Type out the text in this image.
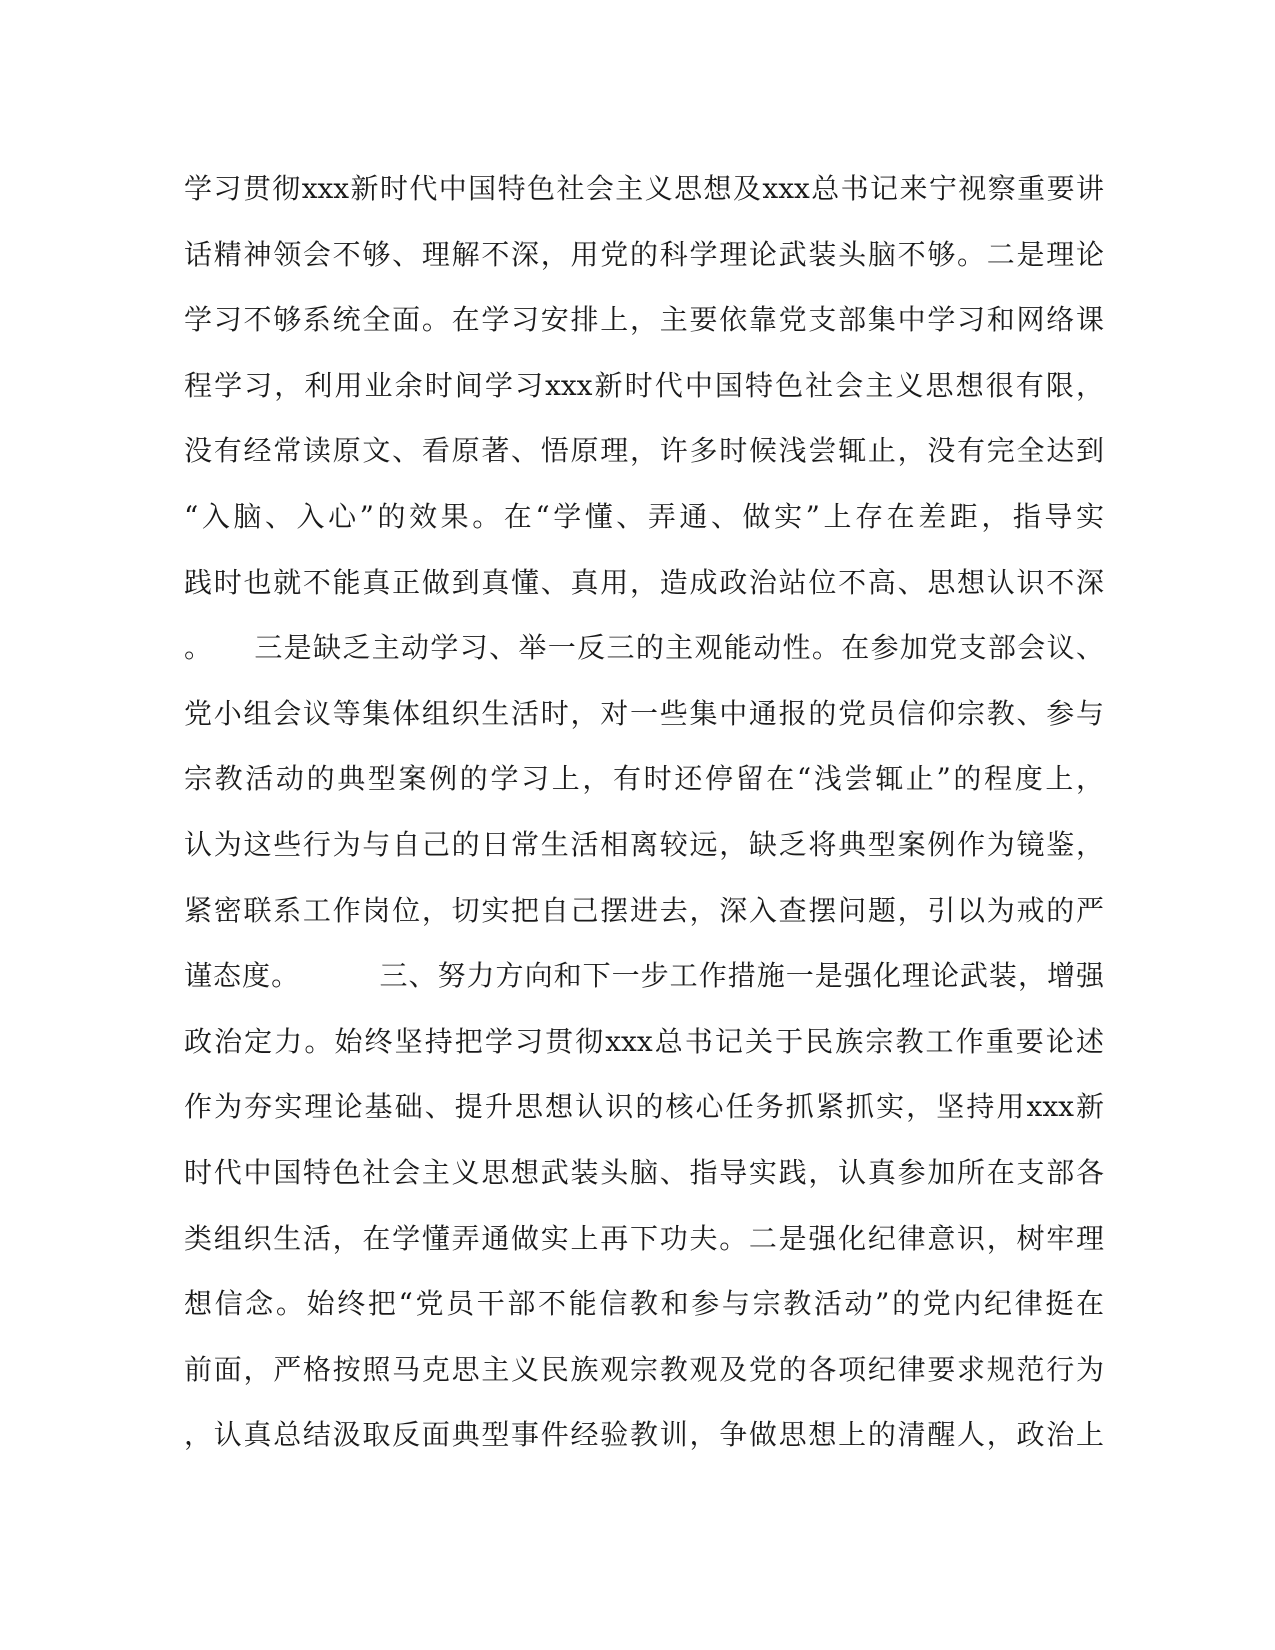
学习贯彻xxx新时代中国特色社会主义思想及xxx总书记来宁视察重要讲
话精神领会不够、理解不深，用党的科学理论武装头脑不够。二是理论
学习不够系统全面。在学习安排上，主要依靠党支部集中学习和网络课
程学习，利用业余时间学习xxx新时代中国特色社会主义思想很有限，
没有经常读原文、看原著、悟原理，许多时候浅尝辄止，没有完全达到
“入脑、入心”的效果。在“学懂、弄通、做实”上存在差距，指导实
践时也就不能真正做到真懂、真用，造成政治站位不高、思想认识不深
。    三是缺乏主动学习、举一反三的主观能动性。在参加党支部会议、
党小组会议等集体组织生活时，对一些集中通报的党员信仰宗教、参与
宗教活动的典型案例的学习上，有时还停留在“浅尝辄止”的程度上，
认为这些行为与自己的日常生活相离较远，缺乏将典型案例作为镜鉴，
紧密联系工作岗位，切实把自己摆进去，深入查摆问题，引以为戒的严
谨态度。        三、努力方向和下一步工作措施一是强化理论武装，增强
政治定力。始终坚持把学习贯彻xxx总书记关于民族宗教工作重要论述
作为夯实理论基础、提升思想认识的核心任务抓紧抓实，坚持用xxx新
时代中国特色社会主义思想武装头脑、指导实践，认真参加所在支部各
类组织生活，在学懂弄通做实上再下功夫。二是强化纪律意识，树牢理
想信念。始终把“党员干部不能信教和参与宗教活动”的党内纪律挺在
前面，严格按照马克思主义民族观宗教观及党的各项纪律要求规范行为
，认真总结汲取反面典型事件经验教训，争做思想上的清醒人，政治上
